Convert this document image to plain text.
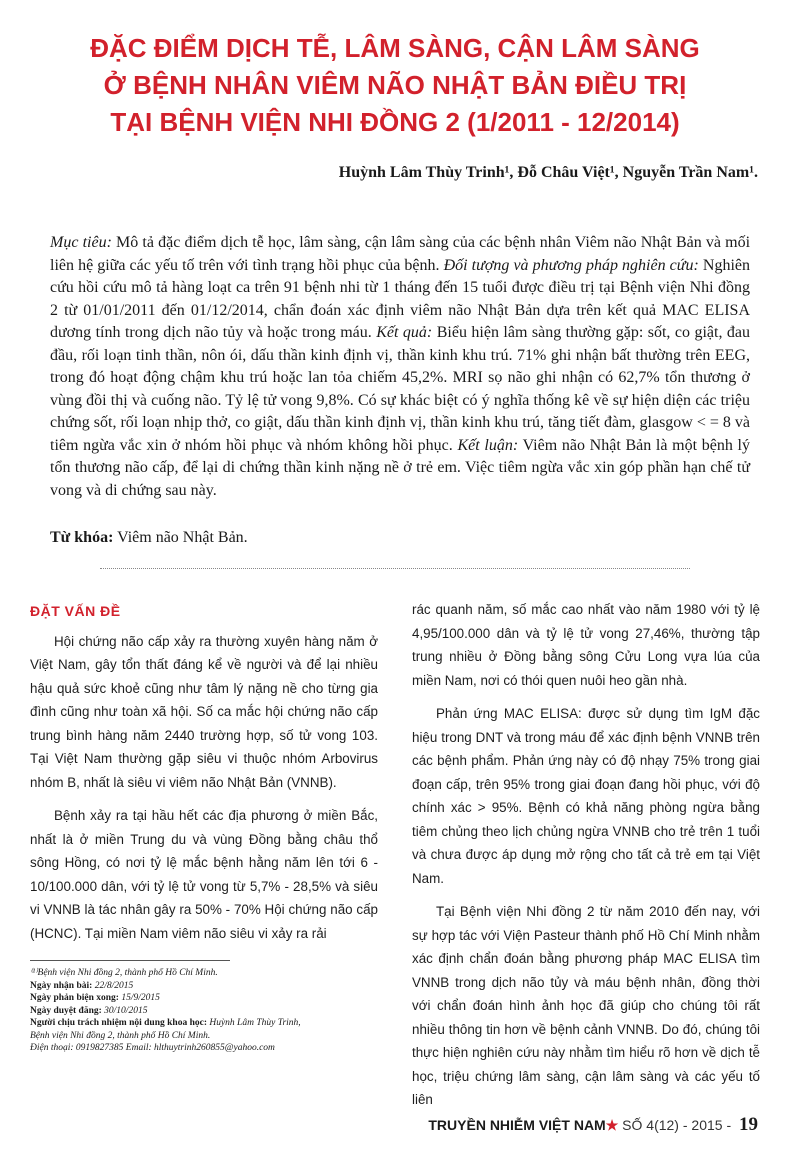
ĐẶC ĐIỂM DỊCH TỄ, LÂM SÀNG, CẬN LÂM SÀNG
Ở BỆNH NHÂN VIÊM NÃO NHẬT BẢN ĐIỀU TRỊ
TẠI BỆNH VIỆN NHI ĐỒNG 2 (1/2011 - 12/2014)
Huỳnh Lâm Thùy Trinh¹, Đỗ Châu Việt¹, Nguyễn Trần Nam¹.
Mục tiêu: Mô tả đặc điểm dịch tễ học, lâm sàng, cận lâm sàng của các bệnh nhân Viêm não Nhật Bản và mối liên hệ giữa các yếu tố trên với tình trạng hồi phục của bệnh. Đối tượng và phương pháp nghiên cứu: Nghiên cứu hồi cứu mô tả hàng loạt ca trên 91 bệnh nhi từ 1 tháng đến 15 tuổi được điều trị tại Bệnh viện Nhi đồng 2 từ 01/01/2011 đến 01/12/2014, chẩn đoán xác định viêm não Nhật Bản dựa trên kết quả MAC ELISA dương tính trong dịch não tủy và hoặc trong máu. Kết quả: Biểu hiện lâm sàng thường gặp: sốt, co giật, đau đầu, rối loạn tinh thần, nôn ói, dấu thần kinh định vị, thần kinh khu trú. 71% ghi nhận bất thường trên EEG, trong đó hoạt động chậm khu trú hoặc lan tỏa chiếm 45,2%. MRI sọ não ghi nhận có 62,7% tổn thương ở vùng đồi thị và cuống não. Tỷ lệ tử vong 9,8%. Có sự khác biệt có ý nghĩa thống kê về sự hiện diện các triệu chứng sốt, rối loạn nhịp thở, co giật, dấu thần kinh định vị, thần kinh khu trú, tăng tiết đàm, glasgow < = 8 và tiêm ngừa vắc xin ở nhóm hồi phục và nhóm không hồi phục. Kết luận: Viêm não Nhật Bản là một bệnh lý tổn thương não cấp, để lại di chứng thần kinh nặng nề ở trẻ em. Việc tiêm ngừa vắc xin góp phần hạn chế tử vong và di chứng sau này.
Từ khóa: Viêm não Nhật Bản.
ĐẶT VẤN ĐỀ

Hội chứng não cấp xảy ra thường xuyên hàng năm ở Việt Nam, gây tổn thất đáng kể về người và để lại nhiều hậu quả sức khoẻ cũng như tâm lý nặng nề cho từng gia đình cũng như toàn xã hội. Số ca mắc hội chứng não cấp trung bình hàng năm 2440 trường hợp, số tử vong 103. Tại Việt Nam thường gặp siêu vi thuộc nhóm Arbovirus nhóm B, nhất là siêu vi viêm não Nhật Bản (VNNB).

Bệnh xảy ra tại hầu hết các địa phương ở miền Bắc, nhất là ở miền Trung du và vùng Đồng bằng châu thổ sông Hồng, có nơi tỷ lệ mắc bệnh hằng năm lên tới 6 - 10/100.000 dân, với tỷ lệ tử vong từ 5,7% - 28,5% và siêu vi VNNB là tác nhân gây ra 50% - 70% Hội chứng não cấp (HCNC). Tại miền Nam viêm não siêu vi xảy ra rải

rác quanh năm, số mắc cao nhất vào năm 1980 với tỷ lệ 4,95/100.000 dân và tỷ lệ tử vong 27,46%, thường tập trung nhiều ở Đồng bằng sông Cửu Long vựa lúa của miền Nam, nơi có thói quen nuôi heo gần nhà.

Phản ứng MAC ELISA: được sử dụng tìm IgM đặc hiệu trong DNT và trong máu để xác định bệnh VNNB trên các bệnh phẩm. Phản ứng này có độ nhạy 75% trong giai đoạn cấp, trên 95% trong giai đoạn đang hồi phục, với độ chính xác > 95%. Bệnh có khả năng phòng ngừa bằng tiêm chủng theo lịch chủng ngừa VNNB cho trẻ trên 1 tuổi và chưa được áp dụng mở rộng cho tất cả trẻ em tại Việt Nam.

Tại Bệnh viện Nhi đồng 2 từ năm 2010 đến nay, với sự hợp tác với Viện Pasteur thành phố Hồ Chí Minh nhằm xác định chẩn đoán bằng phương pháp MAC ELISA tìm VNNB trong dịch não tủy và máu bệnh nhân, đồng thời với chẩn đoán hình ảnh học đã giúp cho chúng tôi rất nhiều thông tin hơn về bệnh cảnh VNNB. Do đó, chúng tôi thực hiện nghiên cứu này nhằm tìm hiểu rõ hơn về dịch tễ học, triệu chứng lâm sàng, cận lâm sàng và các yếu tố liên

⁽¹⁾Bệnh viện Nhi đồng 2, thành phố Hồ Chí Minh.
Ngày nhận bài: 22/8/2015
Ngày phản biện xong: 15/9/2015
Ngày duyệt đăng: 30/10/2015
Người chịu trách nhiệm nội dung khoa học: Huỳnh Lâm Thùy Trinh,
Bệnh viện Nhi đồng 2, thành phố Hồ Chí Minh.
Điện thoại: 0919827385 Email: hlthuytrinh260855@yahoo.com
TRUYỀN NHIỄM VIỆT NAM★ SỐ 4(12) - 2015 - 19
